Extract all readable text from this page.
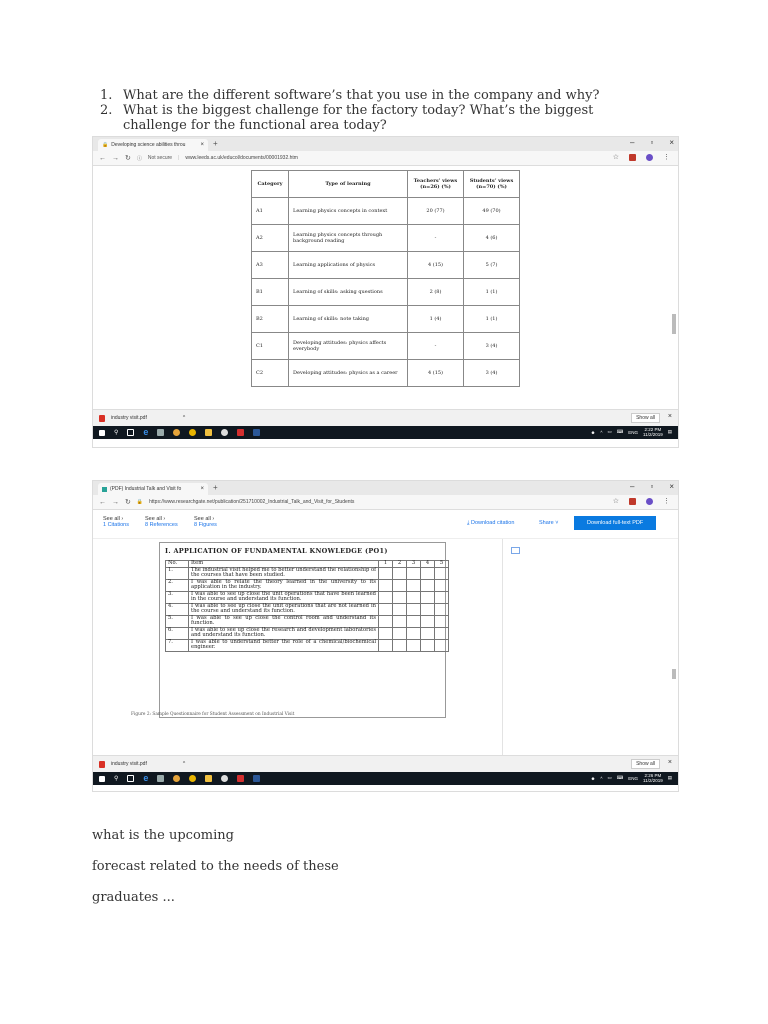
1. What are the different software’s that you use in the company and why?
2. What is the biggest challenge for the factory today? What’s the biggest challenge for the functional area today?
🔒 Developing science abilities throu	× +	– ▫ ×
← → ↻ ⓘ Not secure | www.leeds.ac.uk/educol/documents/00001932.htm	☆	⋮
Category	Type of learning	Teachers’ views (n=26) (%)	Students’ views (n=70) (%)
A1	Learning physics concepts in context	20 (77)	49 (70)
A2	Learning physics concepts through background reading	-	4 (6)
A3	Learning applications of physics	4 (15)	5 (7)
B1	Learning of skills: asking questions	2 (8)	1 (1)
B2	Learning of skills: note taking	1 (4)	1 (1)
C1	Developing attitudes: physics affects everybody	-	3 (4)
C2	Developing attitudes: physics as a career	4 (15)	3 (4)
industry visit.pdf	^	Show all	×
⚲	e	☻ ^ ▭ ⌨ ENG	2:22 PM
11/2/2019
▤
(PDF) Industrial Talk and Visit fo	× +	– ▫ ×
← → ↻ 🔒 https://www.researchgate.net/publication/251710002_Industrial_Talk_and_Visit_for_Students	☆	⋮
See all ›
1 Citations
See all ›
8 References
See all ›
8 Figures	⤓ Download citation	Share ˅	Download full-text PDF
I. APPLICATION OF FUNDAMENTAL KNOWLEDGE (PO1)
No.	Item	1	2	3	4	5
1.	The industrial visit helped me to better understand the relationship of the courses that have been studied.					
2.	I was able to relate the theory learned in the university to its application in the industry.					
3.	I was able to see up close the unit operations that have been learned in the course and understand its function.					
4.	I was able to see up close the unit operations that are not learned in the course and understand its function.					
5.	I was able to see up close the control room and understand its function.					
6.	I was able to see up close the research and development laboratories and understand its function.					
7.	I was able to understand better the role of a chemical/biochemical engineer.					
Figure 2: Sample Questionnaire for Student Assessment on Industrial Visit
industry visit.pdf	^	Show all	×
⚲	e	☻ ^ ▭ ⌨ ENG	2:26 PM
11/2/2019
▤
what is the upcoming
forecast related to the needs of these
graduates ...
